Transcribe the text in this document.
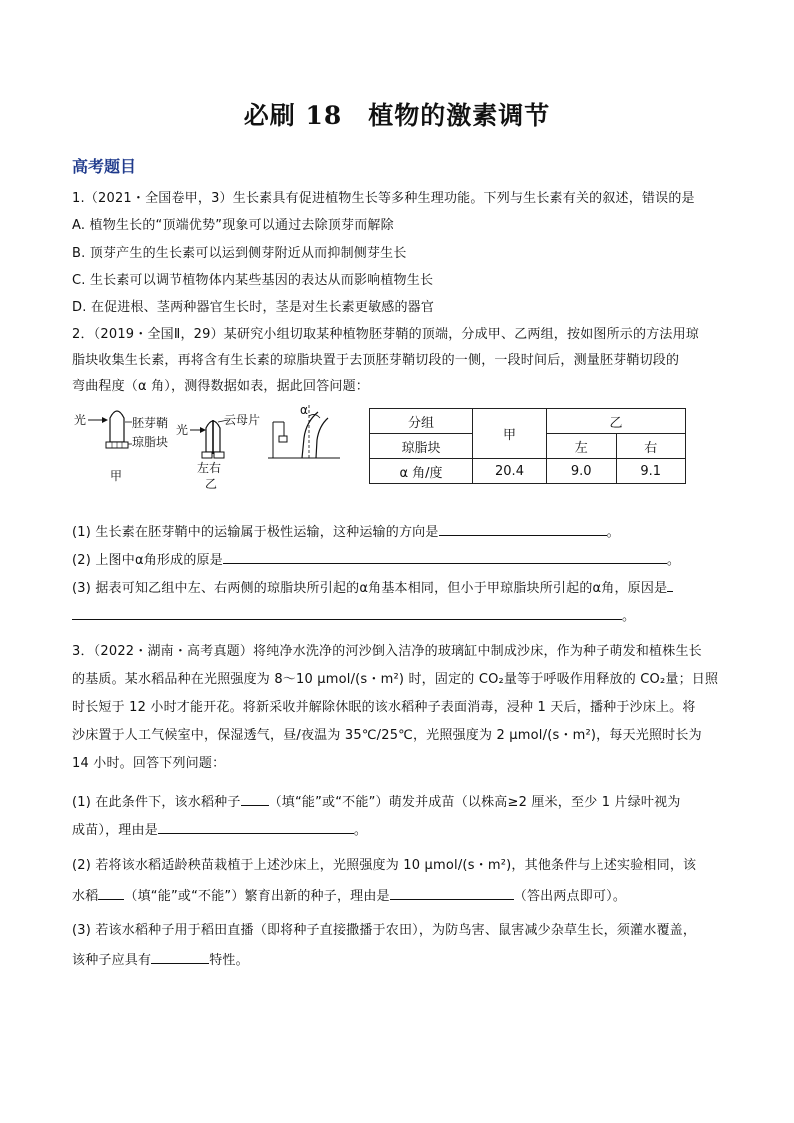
必刷 18　植物的激素调节
高考题目
1.（2021・全国卷甲，3）生长素具有促进植物生长等多种生理功能。下列与生长素有关的叙述，错误的是
A. 植物生长的“顶端优势”现象可以通过去除顶芽而解除
B. 顶芽产生的生长素可以运到侧芽附近从而抑制侧芽生长
C. 生长素可以调节植物体内某些基因的表达从而影响植物生长
D. 在促进根、茎两种器官生长时，茎是对生长素更敏感的器官
2．（2019・全国Ⅱ，29）某研究小组切取某种植物胚芽鞘的顶端，分成甲、乙两组，按如图所示的方法用琼
脂块收集生长素，再将含有生长素的琼脂块置于去顶胚芽鞘切段的一侧，一段时间后，测量胚芽鞘切段的
弯曲程度（α 角），测得数据如表，据此回答问题：
光	胚芽鞘
琼脂块
甲
光
云母片
左右
乙
α
分组	甲	乙	
琼脂块		左	右
α 角/度	20.4	9.0	9.1
(1) 生长素在胚芽鞘中的运输属于极性运输，这种运输的方向是	。
(2) 上图中α角形成的原是	。
(3) 据表可知乙组中左、右两侧的琼脂块所引起的α角基本相同，但小于甲琼脂块所引起的α角，原因是
。
3．（2022・湖南・高考真题）将纯净水洗净的河沙倒入洁净的玻璃缸中制成沙床，作为种子萌发和植株生长
的基质。某水稻品种在光照强度为 8～10 μmol/(s・m²) 时，固定的 CO₂量等于呼吸作用释放的 CO₂量；日照
时长短于 12 小时才能开花。将新采收并解除休眠的该水稻种子表面消毒，浸种 1 天后，播种于沙床上。将
沙床置于人工气候室中，保湿透气，昼/夜温为 35℃/25℃，光照强度为 2 μmol/(s・m²)，每天光照时长为
14 小时。回答下列问题：
(1) 在此条件下，该水稻种子 （填“能”或“不能”）萌发并成苗（以株高≥2 厘米，至少 1 片绿叶视为
成苗），理由是	。
(2) 若将该水稻适龄秧苗栽植于上述沙床上，光照强度为 10 μmol/(s・m²)，其他条件与上述实验相同，该
水稻 （填“能”或“不能”）繁育出新的种子，理由是	（答出两点即可）。
(3) 若该水稻种子用于稻田直播（即将种子直接撒播于农田），为防鸟害、鼠害减少杂草生长，须灌水覆盖，
该种子应具有	特性。
